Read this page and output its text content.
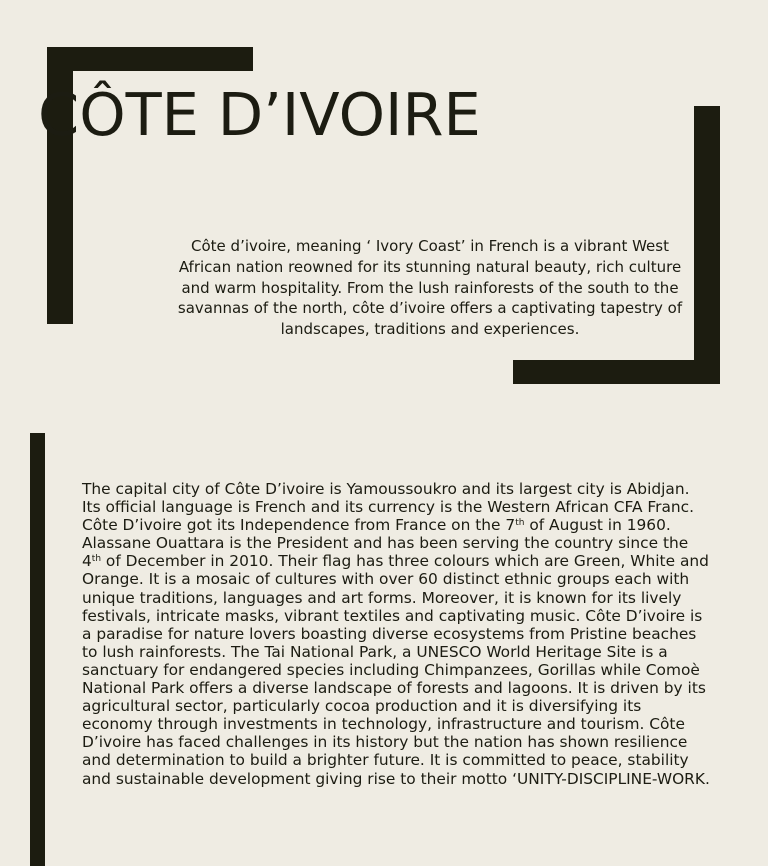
CÔTE D’IVOIRE

Côte d’ivoire, meaning ‘ Ivory Coast’ in French is a vibrant West African nation reowned for its stunning natural beauty, rich culture and warm hospitality. From the lush rainforests of the south to the savannas of the north, côte d’ivoire offers a captivating tapestry of landscapes, traditions and experiences.

The capital city of Côte D’ivoire is Yamoussoukro and its largest city is Abidjan. Its official language is French and its currency is the Western African CFA Franc. Côte D’ivoire got its Independence from France on the 7th of August in 1960. Alassane Ouattara is the President and has been serving the country since the 4th of December in 2010. Their flag has three colours which are Green, White and Orange. It is a mosaic of cultures with over 60 distinct ethnic groups each with unique traditions, languages and art forms. Moreover, it is known for its lively festivals, intricate masks, vibrant textiles and captivating music. Côte D’ivoire is a paradise for nature lovers boasting diverse ecosystems from Pristine beaches to lush rainforests. The Tai National Park, a UNESCO World Heritage Site is a sanctuary for endangered species including Chimpanzees, Gorillas while Comoè National Park offers a diverse landscape of forests and lagoons. It is driven by its agricultural sector, particularly cocoa production and it is diversifying its economy through investments in technology, infrastructure and tourism. Côte D’ivoire has faced challenges in its history but the nation has shown resilience and determination to build a brighter future. It is committed to peace, stability and sustainable development giving rise to their motto ‘UNITY-DISCIPLINE-WORK.
